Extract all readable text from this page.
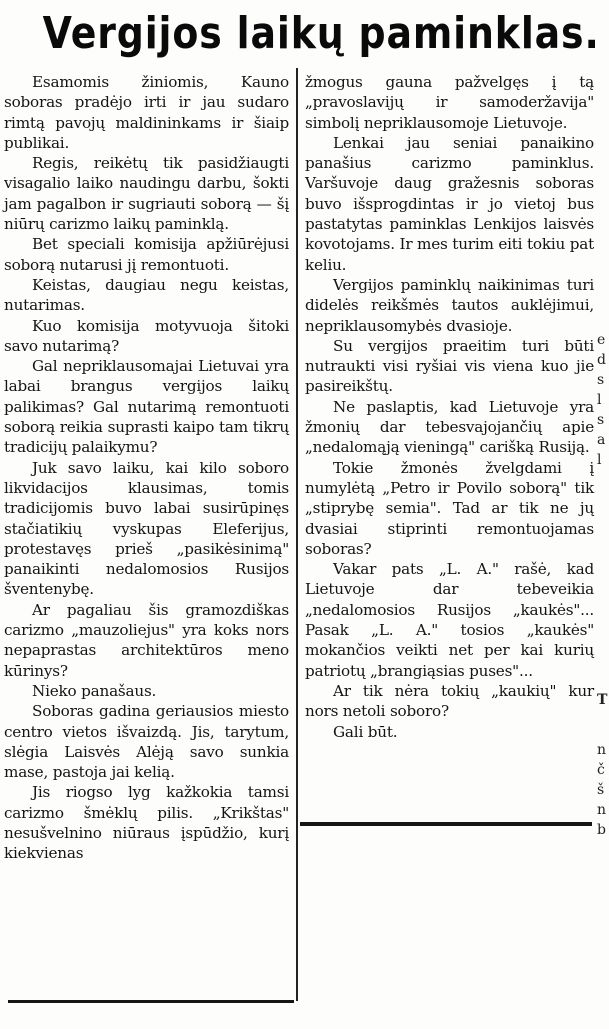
Vergijos laikų paminklas.

Esamomis žiniomis, Kauno soboras pradėjo irti ir jau sudaro rimtą pavojų maldininkams ir šiaip publikai.

Regis, reikėtų tik pasidžiaugti visagalio laiko naudingu darbu, šokti jam pagalbon ir sugriauti soborą — šį niūrų carizmo laikų paminklą.

Bet speciali komisija apžiūrėjusi soborą nutarusi jį remontuoti.

Keistas, daugiau negu keistas, nutarimas.

Kuo komisija motyvuoja šitoki savo nutarimą?

Gal nepriklausomajai Lietuvai yra labai brangus vergijos laikų palikimas? Gal nutarimą remontuoti soborą reikia suprasti kaipo tam tikrų tradicijų palaikymu?

Juk savo laiku, kai kilo soboro likvidacijos klausimas, tomis tradicijomis buvo labai susirūpinęs stačiatikių vyskupas Eleferijus, protestavęs prieš „pasikėsinimą" panaikinti nedalomosios Rusijos šventenybę.

Ar pagaliau šis gramozdiškas carizmo „mauzoliejus" yra koks nors nepaprastas architektūros meno kūrinys?

Nieko panašaus.

Soboras gadina geriausios miesto centro vietos išvaizdą. Jis, tarytum, slėgia Laisvės Alėją savo sunkia mase, pastoja jai kelią.

Jis riogso lyg kažkokia tamsi carizmo šmėklų pilis. „Krikštas" nesušvelnino niūraus įspūdžio, kurį kiekvienas

žmogus gauna pažvelgęs į tą „pravoslavijų ir samoderžavija" simbolį nepriklausomoje Lietuvoje.

Lenkai jau seniai panaikino panašius carizmo paminklus. Varšuvoje daug gražesnis soboras buvo išsprogdintas ir jo vietoj bus pastatytas paminklas Lenkijos laisvės kovotojams. Ir mes turim eiti tokiu pat keliu.

Vergijos paminklų naikinimas turi didelės reikšmės tautos auklėjimui, nepriklausomybės dvasioje.

Su vergijos praeitim turi būti nutraukti visi ryšiai vis viena kuo jie pasireikštų.

Ne paslaptis, kad Lietuvoje yra žmonių dar tebesvajojančių apie „nedalomąją vieningą" carišką Rusiją.

Tokie žmonės žvelgdami į numylėtą „Petro ir Povilo soborą" tik „stiprybę semia". Tad ar tik ne jų dvasiai stiprinti remontuojamas soboras?

Vakar pats „L. A." rašė, kad Lietuvoje dar tebeveikia „nedalomosios Rusijos „kaukės"... Pasak „L. A." tosios „kaukės" mokančios veikti net per kai kurių patriotų „brangiąsias puses"...

Ar tik nėra tokių „kaukių" kur nors netoli soboro?

Gali būt.

e
d
s
l
s
a
l
T
n
č
š
n
b
